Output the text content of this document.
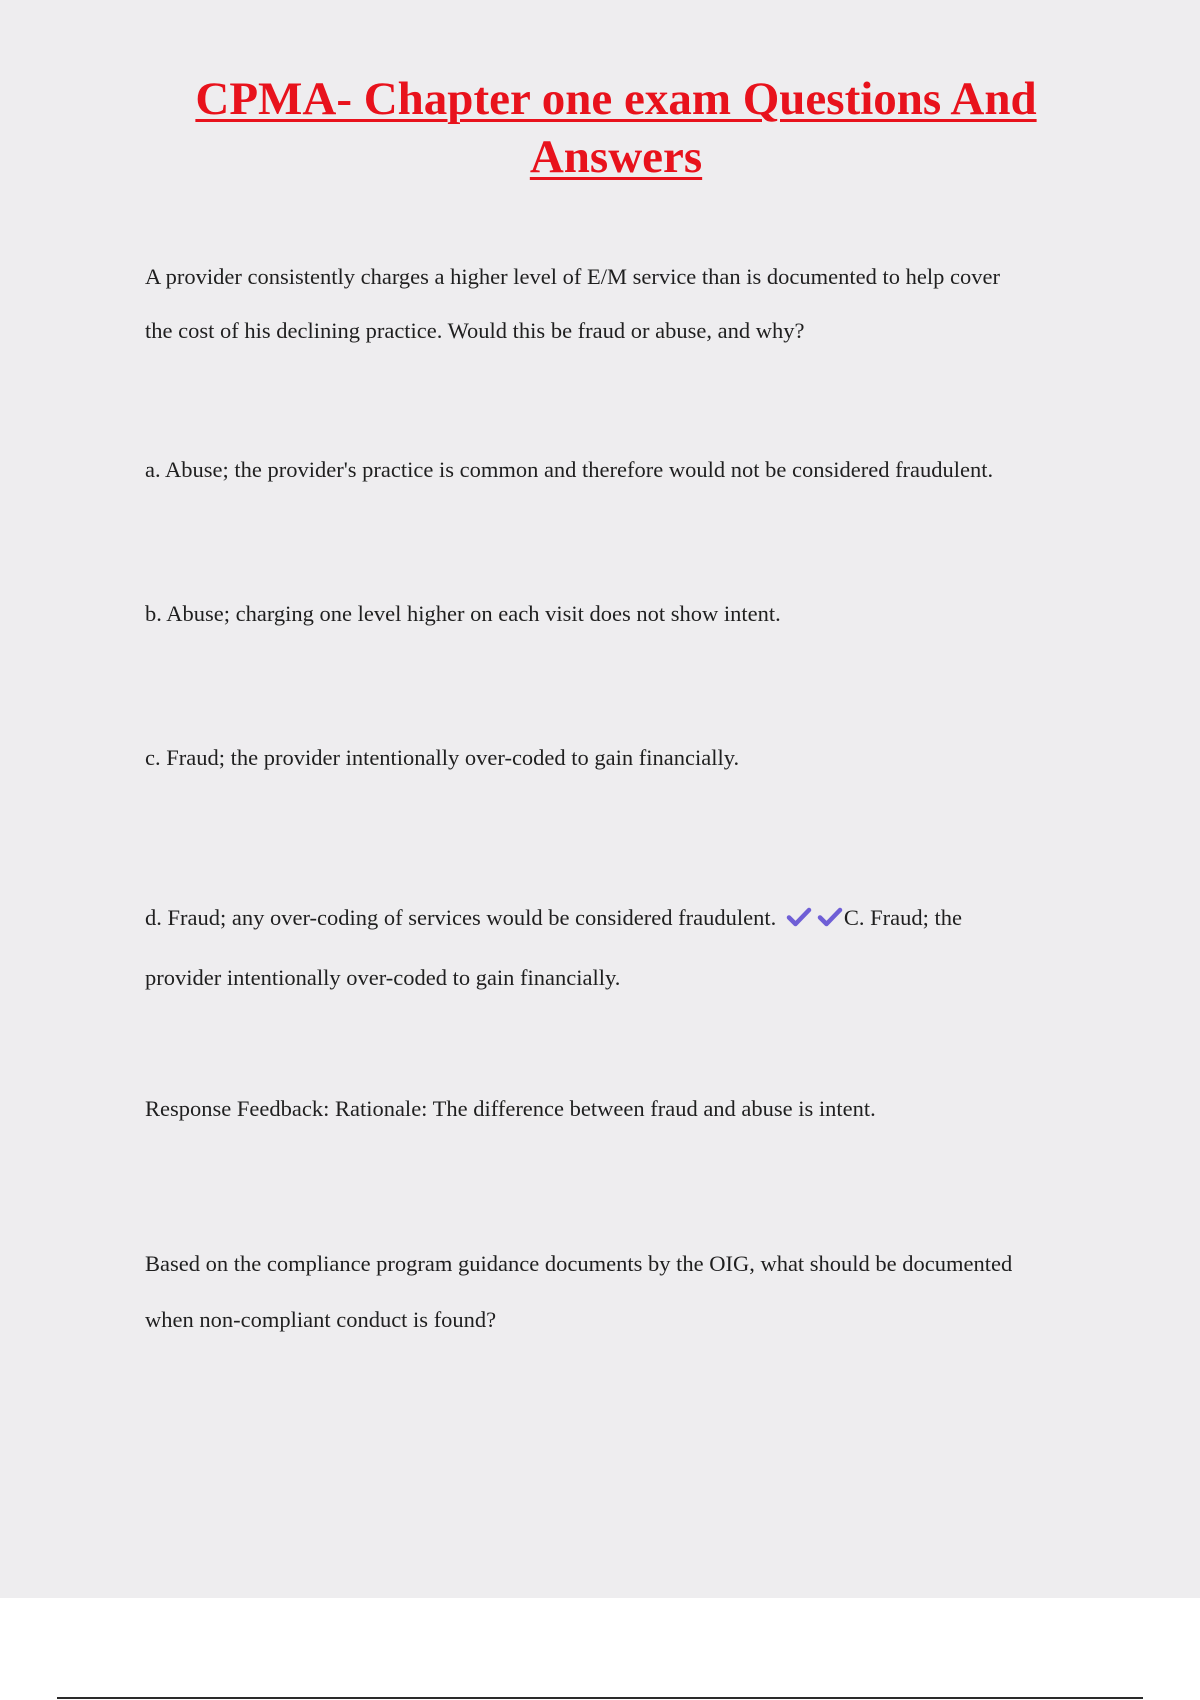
CPMA- Chapter one exam Questions And
Answers

A provider consistently charges a higher level of E/M service than is documented to help cover
the cost of his declining practice. Would this be fraud or abuse, and why?

a. Abuse; the provider's practice is common and therefore would not be considered fraudulent.

b. Abuse; charging one level higher on each visit does not show intent.

c. Fraud; the provider intentionally over-coded to gain financially.

d. Fraud; any over-coding of services would be considered fraudulent.	C. Fraud; the
provider intentionally over-coded to gain financially.

Response Feedback: Rationale: The difference between fraud and abuse is intent.

Based on the compliance program guidance documents by the OIG, what should be documented
when non-compliant conduct is found?
